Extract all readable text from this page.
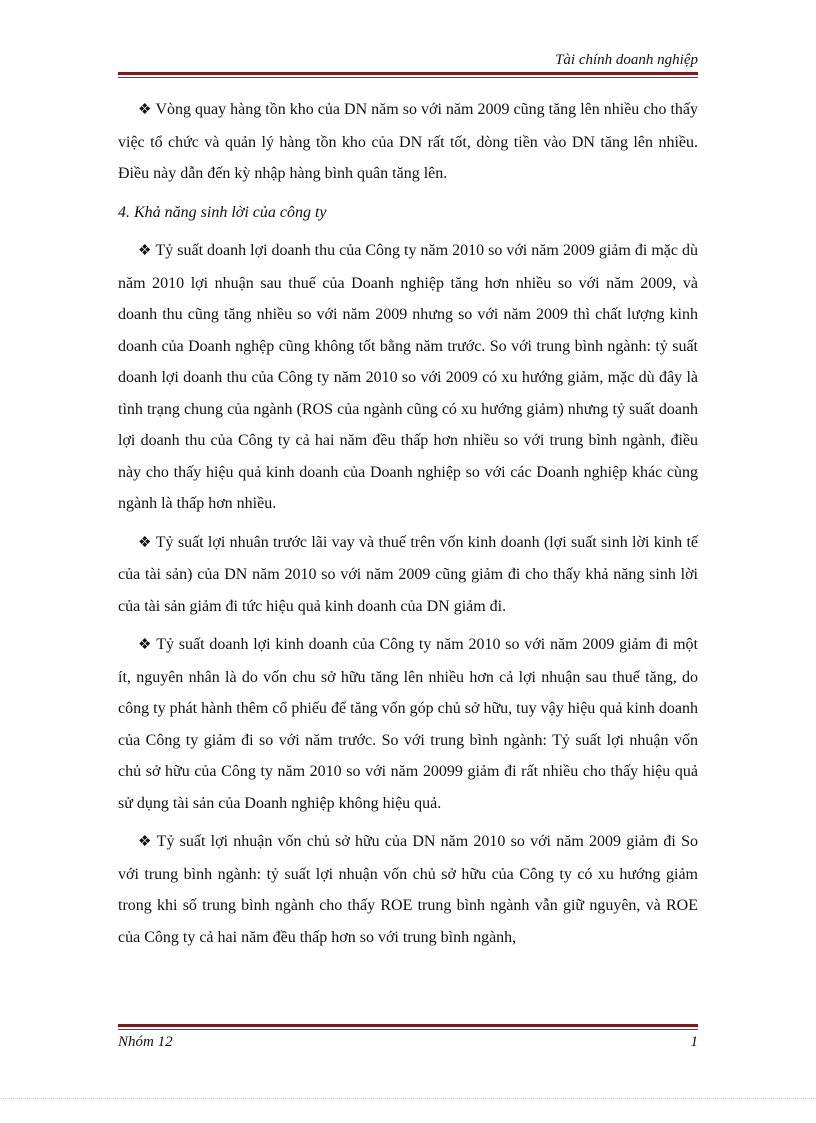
Tài chính doanh nghiệp

❖ Vòng quay hàng tồn kho của DN năm so với năm 2009 cũng tăng lên nhiều cho thấy việc tổ chức và quản lý hàng tồn kho của DN rất tốt, dòng tiền vào DN tăng lên nhiều. Điều này dẫn đến kỳ nhập hàng bình quân tăng lên.

4. Khả năng sinh lời của công ty

❖ Tỷ suất doanh lợi doanh thu của Công ty năm 2010 so với năm 2009 giảm đi mặc dù năm 2010 lợi nhuận sau thuế của Doanh nghiệp tăng hơn nhiều so với năm 2009, và doanh thu cũng tăng nhiều so với năm 2009 nhưng so với năm 2009 thì chất lượng kinh doanh của Doanh nghệp cũng không tốt bằng năm trước. So với trung bình ngành: tỷ suất doanh lợi doanh thu của Công ty năm 2010 so với 2009 có xu hướng giảm, mặc dù đây là tình trạng chung của ngành (ROS của ngành cũng có xu hướng giảm) nhưng tỷ suất doanh lợi doanh thu của Công ty cả hai năm đều thấp hơn nhiều so với trung bình ngành, điều này cho thấy hiệu quả kinh doanh của Doanh nghiệp so với các Doanh nghiệp khác cùng ngành là thấp hơn nhiều.

❖ Tỷ suất lợi nhuân trước lãi vay và thuế trên vốn kinh doanh (lợi suất sinh lời kinh tế của tài sản) của DN năm 2010 so với năm 2009 cũng giảm đi cho thấy khả năng sinh lời của tài sản giảm đi tức hiệu quả kinh doanh của DN giảm đi.

❖ Tỷ suất doanh lợi kinh doanh của Công ty năm 2010 so với năm 2009 giảm đi một ít, nguyên nhân là do vốn chu sở hữu tăng lên nhiều hơn cả lợi nhuận sau thuế tăng, do công ty phát hành thêm cổ phiếu để tăng vốn góp chủ sở hữu, tuy vậy hiệu quả kinh doanh của Công ty giảm đi so với năm trước. So với trung bình ngành: Tỷ suất lợi nhuận vốn chủ sở hữu của Công ty năm 2010 so với năm 20099 giảm đi rất nhiều cho thấy hiệu quả sử dụng tài sản của Doanh nghiệp không hiệu quả.

❖ Tỷ suất lợi nhuận vốn chủ sở hữu của DN năm 2010 so với năm 2009 giảm đi So với trung bình ngành: tỷ suất lợi nhuận vốn chủ sở hữu của Công ty có xu hướng giảm trong khi số trung bình ngành cho thấy ROE trung bình ngành vẫn giữ nguyên, và ROE của Công ty cả hai năm đều thấp hơn so với trung bình ngành,

Nhóm 12	1
